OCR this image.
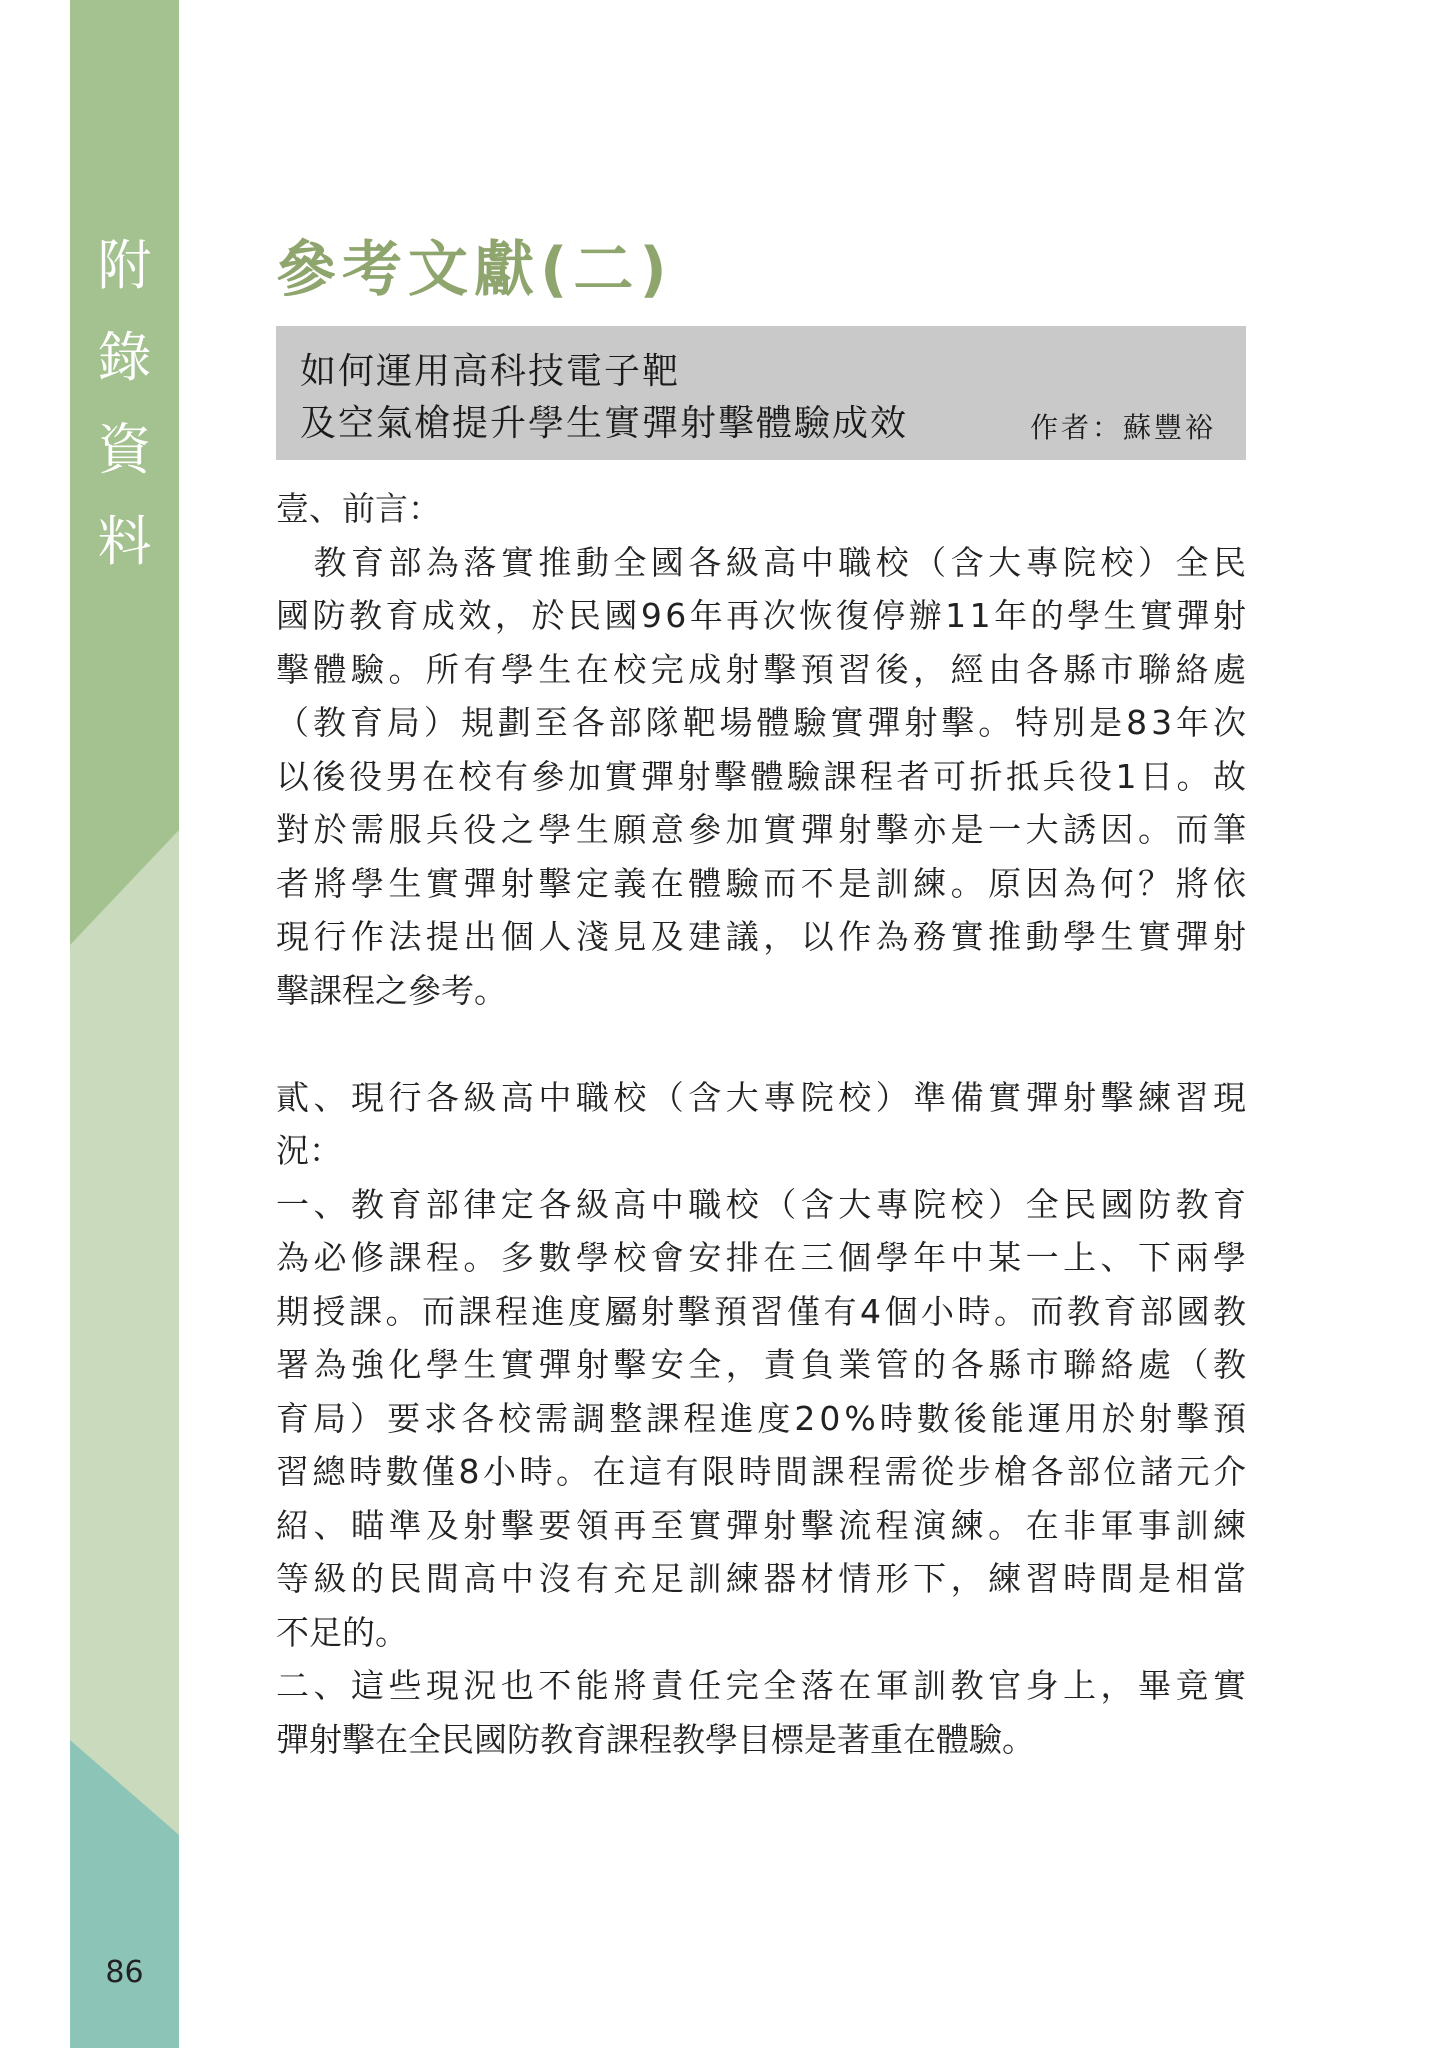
附
錄
資
料
86
參考文獻(二)
如何運用高科技電子靶
及空氣槍提升學生實彈射擊體驗成效	作者：蘇豐裕

壹、前言：

　教育部為落實推動全國各級高中職校（含大專院校）全民

國防教育成效，於民國96年再次恢復停辦11年的學生實彈射

擊體驗。所有學生在校完成射擊預習後，經由各縣市聯絡處

（教育局）規劃至各部隊靶場體驗實彈射擊。特別是83年次

以後役男在校有參加實彈射擊體驗課程者可折抵兵役1日。故

對於需服兵役之學生願意參加實彈射擊亦是一大誘因。而筆

者將學生實彈射擊定義在體驗而不是訓練。原因為何？將依

現行作法提出個人淺見及建議，以作為務實推動學生實彈射

擊課程之參考。

貳、現行各級高中職校（含大專院校）準備實彈射擊練習現

況：

一、教育部律定各級高中職校（含大專院校）全民國防教育

為必修課程。多數學校會安排在三個學年中某一上、下兩學

期授課。而課程進度屬射擊預習僅有4個小時。而教育部國教

署為強化學生實彈射擊安全，責負業管的各縣市聯絡處（教

育局）要求各校需調整課程進度20%時數後能運用於射擊預

習總時數僅8小時。在這有限時間課程需從步槍各部位諸元介

紹、瞄準及射擊要領再至實彈射擊流程演練。在非軍事訓練

等級的民間高中沒有充足訓練器材情形下，練習時間是相當

不足的。

二、這些現況也不能將責任完全落在軍訓教官身上，畢竟實

彈射擊在全民國防教育課程教學目標是著重在體驗。
